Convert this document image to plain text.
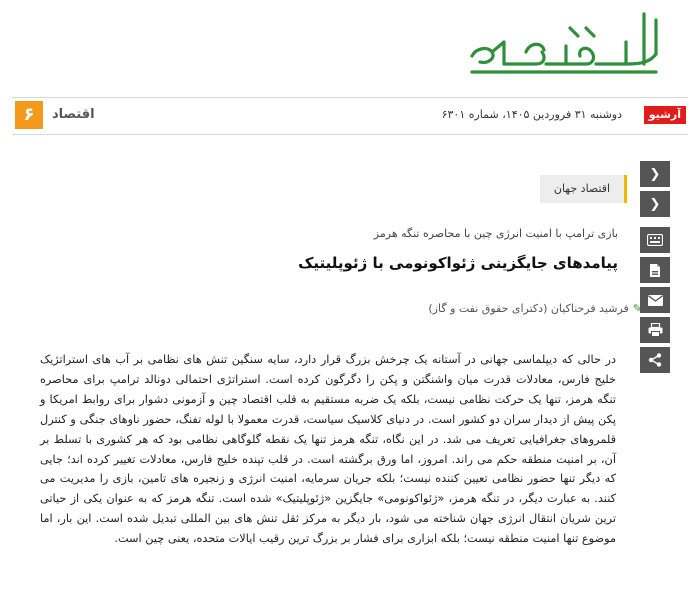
آرشیو
دوشنبه ۳۱ فروردین ۱۴۰۵، شماره ۶۳۰۱
اقتصاد
۶
اقتصاد جهان
❯
❯
بازی ترامپ با امنیت انرژی چین با محاصره تنگه هرمز
پیامدهای جایگزینی ژئواکونومی با ژئوپلیتیک
✎فرشید فرحناکیان (دکترای حقوق نفت و گاز)
در حالی که دیپلماسی جهانی در آستانه یک چرخش بزرگ قرار دارد، سایه سنگین تنش های نظامی بر آب های استراتژیک خلیج فارس، معادلات قدرت میان واشنگتن و پکن را دگرگون کرده است. استراتژی احتمالی دونالد ترامپ برای محاصره تنگه هرمز، تنها یک حرکت نظامی نیست، بلکه یک ضربه مستقیم به قلب اقتصاد چین و آزمونی دشوار برای روابط امریکا و پکن پیش از دیدار سران دو کشور است. در دنیای کلاسیک سیاست، قدرت معمولا با لوله تفنگ، حضور ناوهای جنگی و کنترل قلمروهای جغرافیایی تعریف می شد. در این نگاه، تنگه هرمز تنها یک نقطه گلوگاهی نظامی بود که هر کشوری با تسلط بر آن، بر امنیت منطقه حکم می راند. امروز، اما ورق برگشته است. در قلب تپنده خلیج فارس، معادلات تغییر کرده اند؛ جایی که دیگر تنها حضور نظامی تعیین کننده نیست؛ بلکه جریان سرمایه، امنیت انرژی و زنجیره های تامین، بازی را مدیریت می کنند. به عبارت دیگر، در تنگه هرمز، «ژئواکونومی» جایگزین «ژئوپلیتیک» شده است. تنگه هرمز که به عنوان یکی از حیاتی ترین شریان انتقال انرژی جهان شناخته می شود، بار دیگر به مرکز ثقل تنش های بین المللی تبدیل شده است. این بار، اما موضوع تنها امنیت منطقه نیست؛ بلکه ابزاری برای فشار بر بزرگ ترین رقیب ایالات متحده، یعنی چین است.
